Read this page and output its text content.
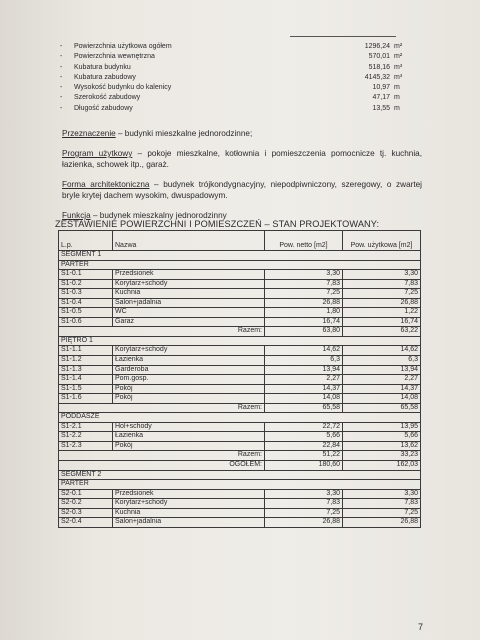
-	Powierzchnia użytkowa ogółem	1296,24 m²
-	Powierzchnia wewnętrzna	570,01 m²
-	Kubatura budynku	518,16 m³
-	Kubatura zabudowy	4145,32 m³
-	Wysokość budynku do kalenicy	10,97 m
-	Szerokość zabudowy	47,17 m
-	Długość zabudowy	13,55 m

Przeznaczenie – budynki mieszkalne jednorodzinne;

Program użytkowy – pokoje mieszkalne, kotłownia i pomieszczenia pomocnicze tj. kuchnia, łazienka, schowek itp., garaż.

Forma architektoniczna – budynek trójkondygnacyjny, niepodpiwniczony, szeregowy, o zwartej bryle krytej dachem wysokim, dwuspadowym.

Funkcja – budynek mieszkalny jednorodzinny

ZESTAWIENIE POWIERZCHNI I POMIESZCZEŃ – STAN PROJEKTOWANY:
L.p.	Nazwa	Pow. netto [m2]	Pow. użytkowa [m2]
SEGMENT 1			
PARTER			
S1-0.1	Przedsionek	3,30	3,30
S1-0.2	Korytarz+schody	7,83	7,83
S1-0.3	Kuchnia	7,25	7,25
S1-0.4	Salon+jadalnia	26,88	26,88
S1-0.5	WC	1,80	1,22
S1-0.6	Garaż	16,74	16,74
Razem:		63,80	63,22
PIĘTRO 1			
S1-1.1	Korytarz+schody	14,62	14,62
S1-1.2	Łazienka	6,3	6,3
S1-1.3	Garderoba	13,94	13,94
S1-1.4	Pom.gosp.	2,27	2,27
S1-1.5	Pokój	14,37	14,37
S1-1.6	Pokój	14,08	14,08
Razem:		65,58	65,58
PODDASZE			
S1-2.1	Hol+schody	22,72	13,95
S1-2.2	Łazienka	5,66	5,66
S1-2.3	Pokój	22,84	13,62
Razem:		51,22	33,23
OGÓŁEM:		180,60	162,03
SEGMENT 2			
PARTER			
S2-0.1	Przedsionek	3,30	3,30
S2-0.2	Korytarz+schody	7,83	7,83
S2-0.3	Kuchnia	7,25	7,25
S2-0.4	Salon+jadalnia	26,88	26,88
7
